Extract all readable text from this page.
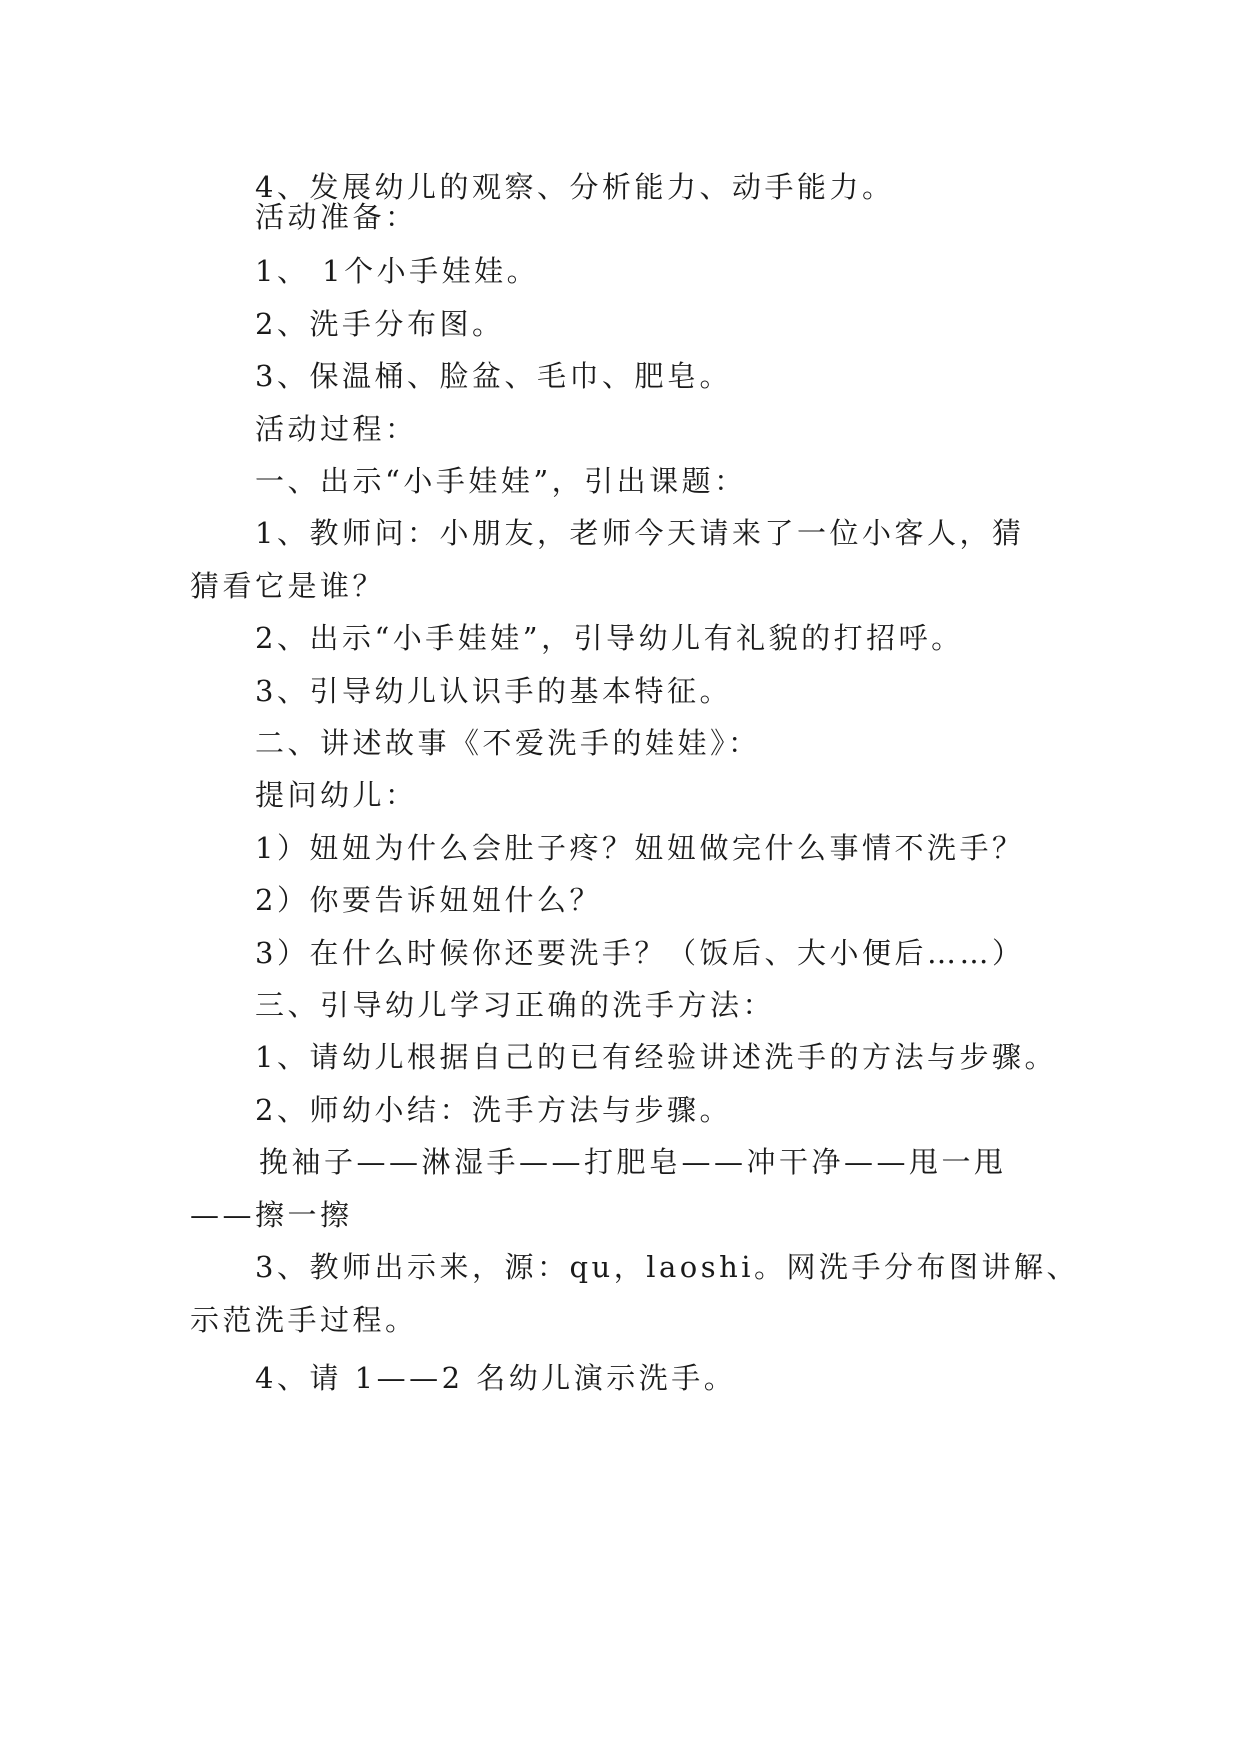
4、发展幼儿的观察、分析能力、动手能力。

活动准备：

1、 1个小手娃娃。

2、洗手分布图。

3、保温桶、脸盆、毛巾、肥皂。

活动过程：

一、出示“小手娃娃”，引出课题：

1、教师问：小朋友，老师今天请来了一位小客人，猜

猜看它是谁？

2、出示“小手娃娃”，引导幼儿有礼貌的打招呼。

3、引导幼儿认识手的基本特征。

二、讲述故事《不爱洗手的娃娃》：

提问幼儿：

1）妞妞为什么会肚子疼？妞妞做完什么事情不洗手？

2）你要告诉妞妞什么？

3）在什么时候你还要洗手？（饭后、大小便后……）

三、引导幼儿学习正确的洗手方法：

1、请幼儿根据自己的已有经验讲述洗手的方法与步骤。

2、师幼小结：洗手方法与步骤。

挽袖子——淋湿手——打肥皂——冲干净——甩一甩

——擦一擦

3、教师出示来，源：qu，laoshi。网洗手分布图讲解、

示范洗手过程。

4、请 1——2 名幼儿演示洗手。
